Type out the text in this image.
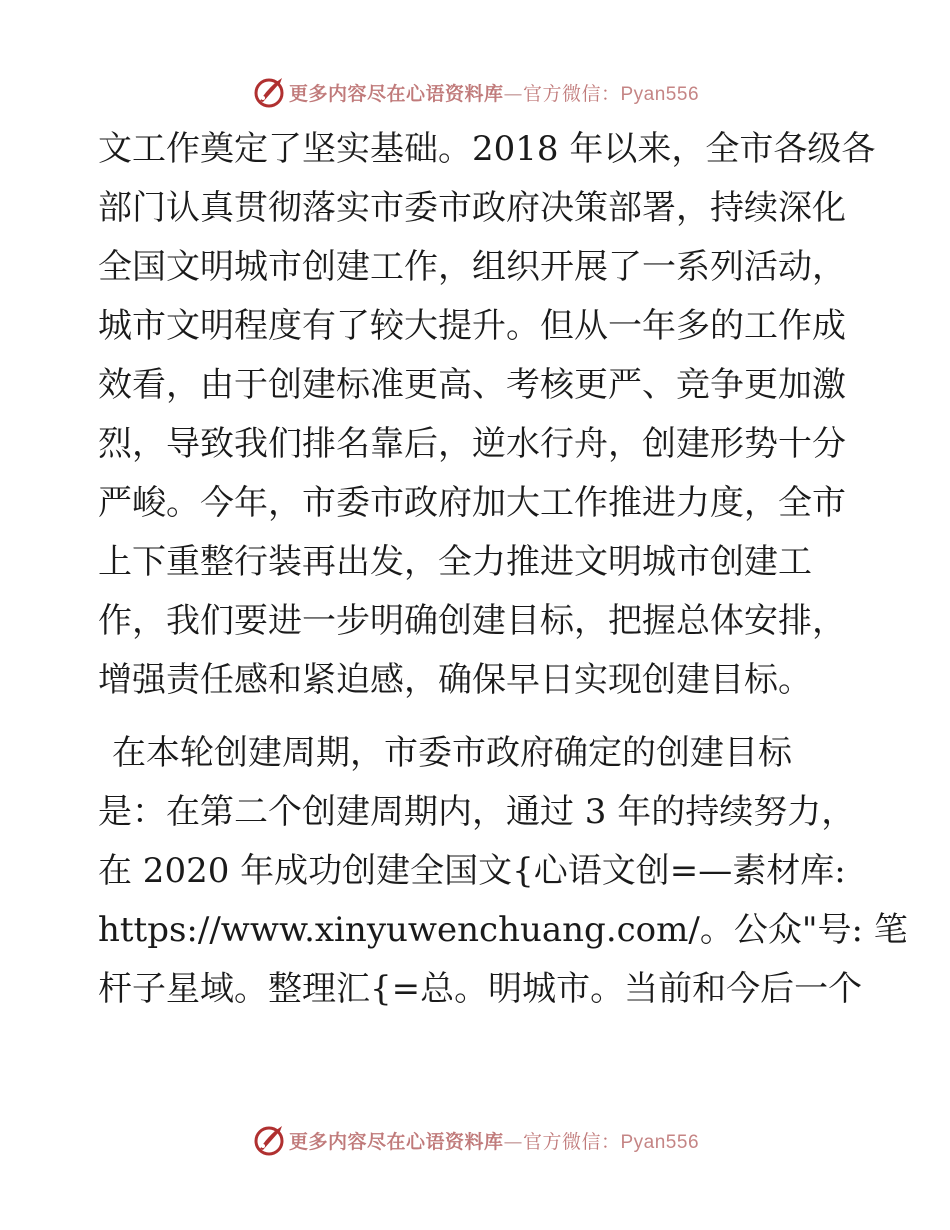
更多内容尽在心语资料库—官方微信：Pyan556
文工作奠定了坚实基础。2018 年以来，全市各级各
部门认真贯彻落实市委市政府决策部署，持续深化
全国文明城市创建工作，组织开展了一系列活动，
城市文明程度有了较大提升。但从一年多的工作成
效看，由于创建标准更高、考核更严、竞争更加激
烈，导致我们排名靠后，逆水行舟，创建形势十分
严峻。今年，市委市政府加大工作推进力度，全市
上下重整行装再出发，全力推进文明城市创建工
作，我们要进一步明确创建目标，把握总体安排，
增强责任感和紧迫感，确保早日实现创建目标。
在本轮创建周期，市委市政府确定的创建目标
是：在第二个创建周期内，通过 3 年的持续努力，
在 2020 年成功创建全国文{心语文创=—素材库:
https://www.xinyuwenchuang.com/。公众"号: 笔
杆子星域。整理汇{=总。明城市。当前和今后一个
更多内容尽在心语资料库—官方微信：Pyan556
